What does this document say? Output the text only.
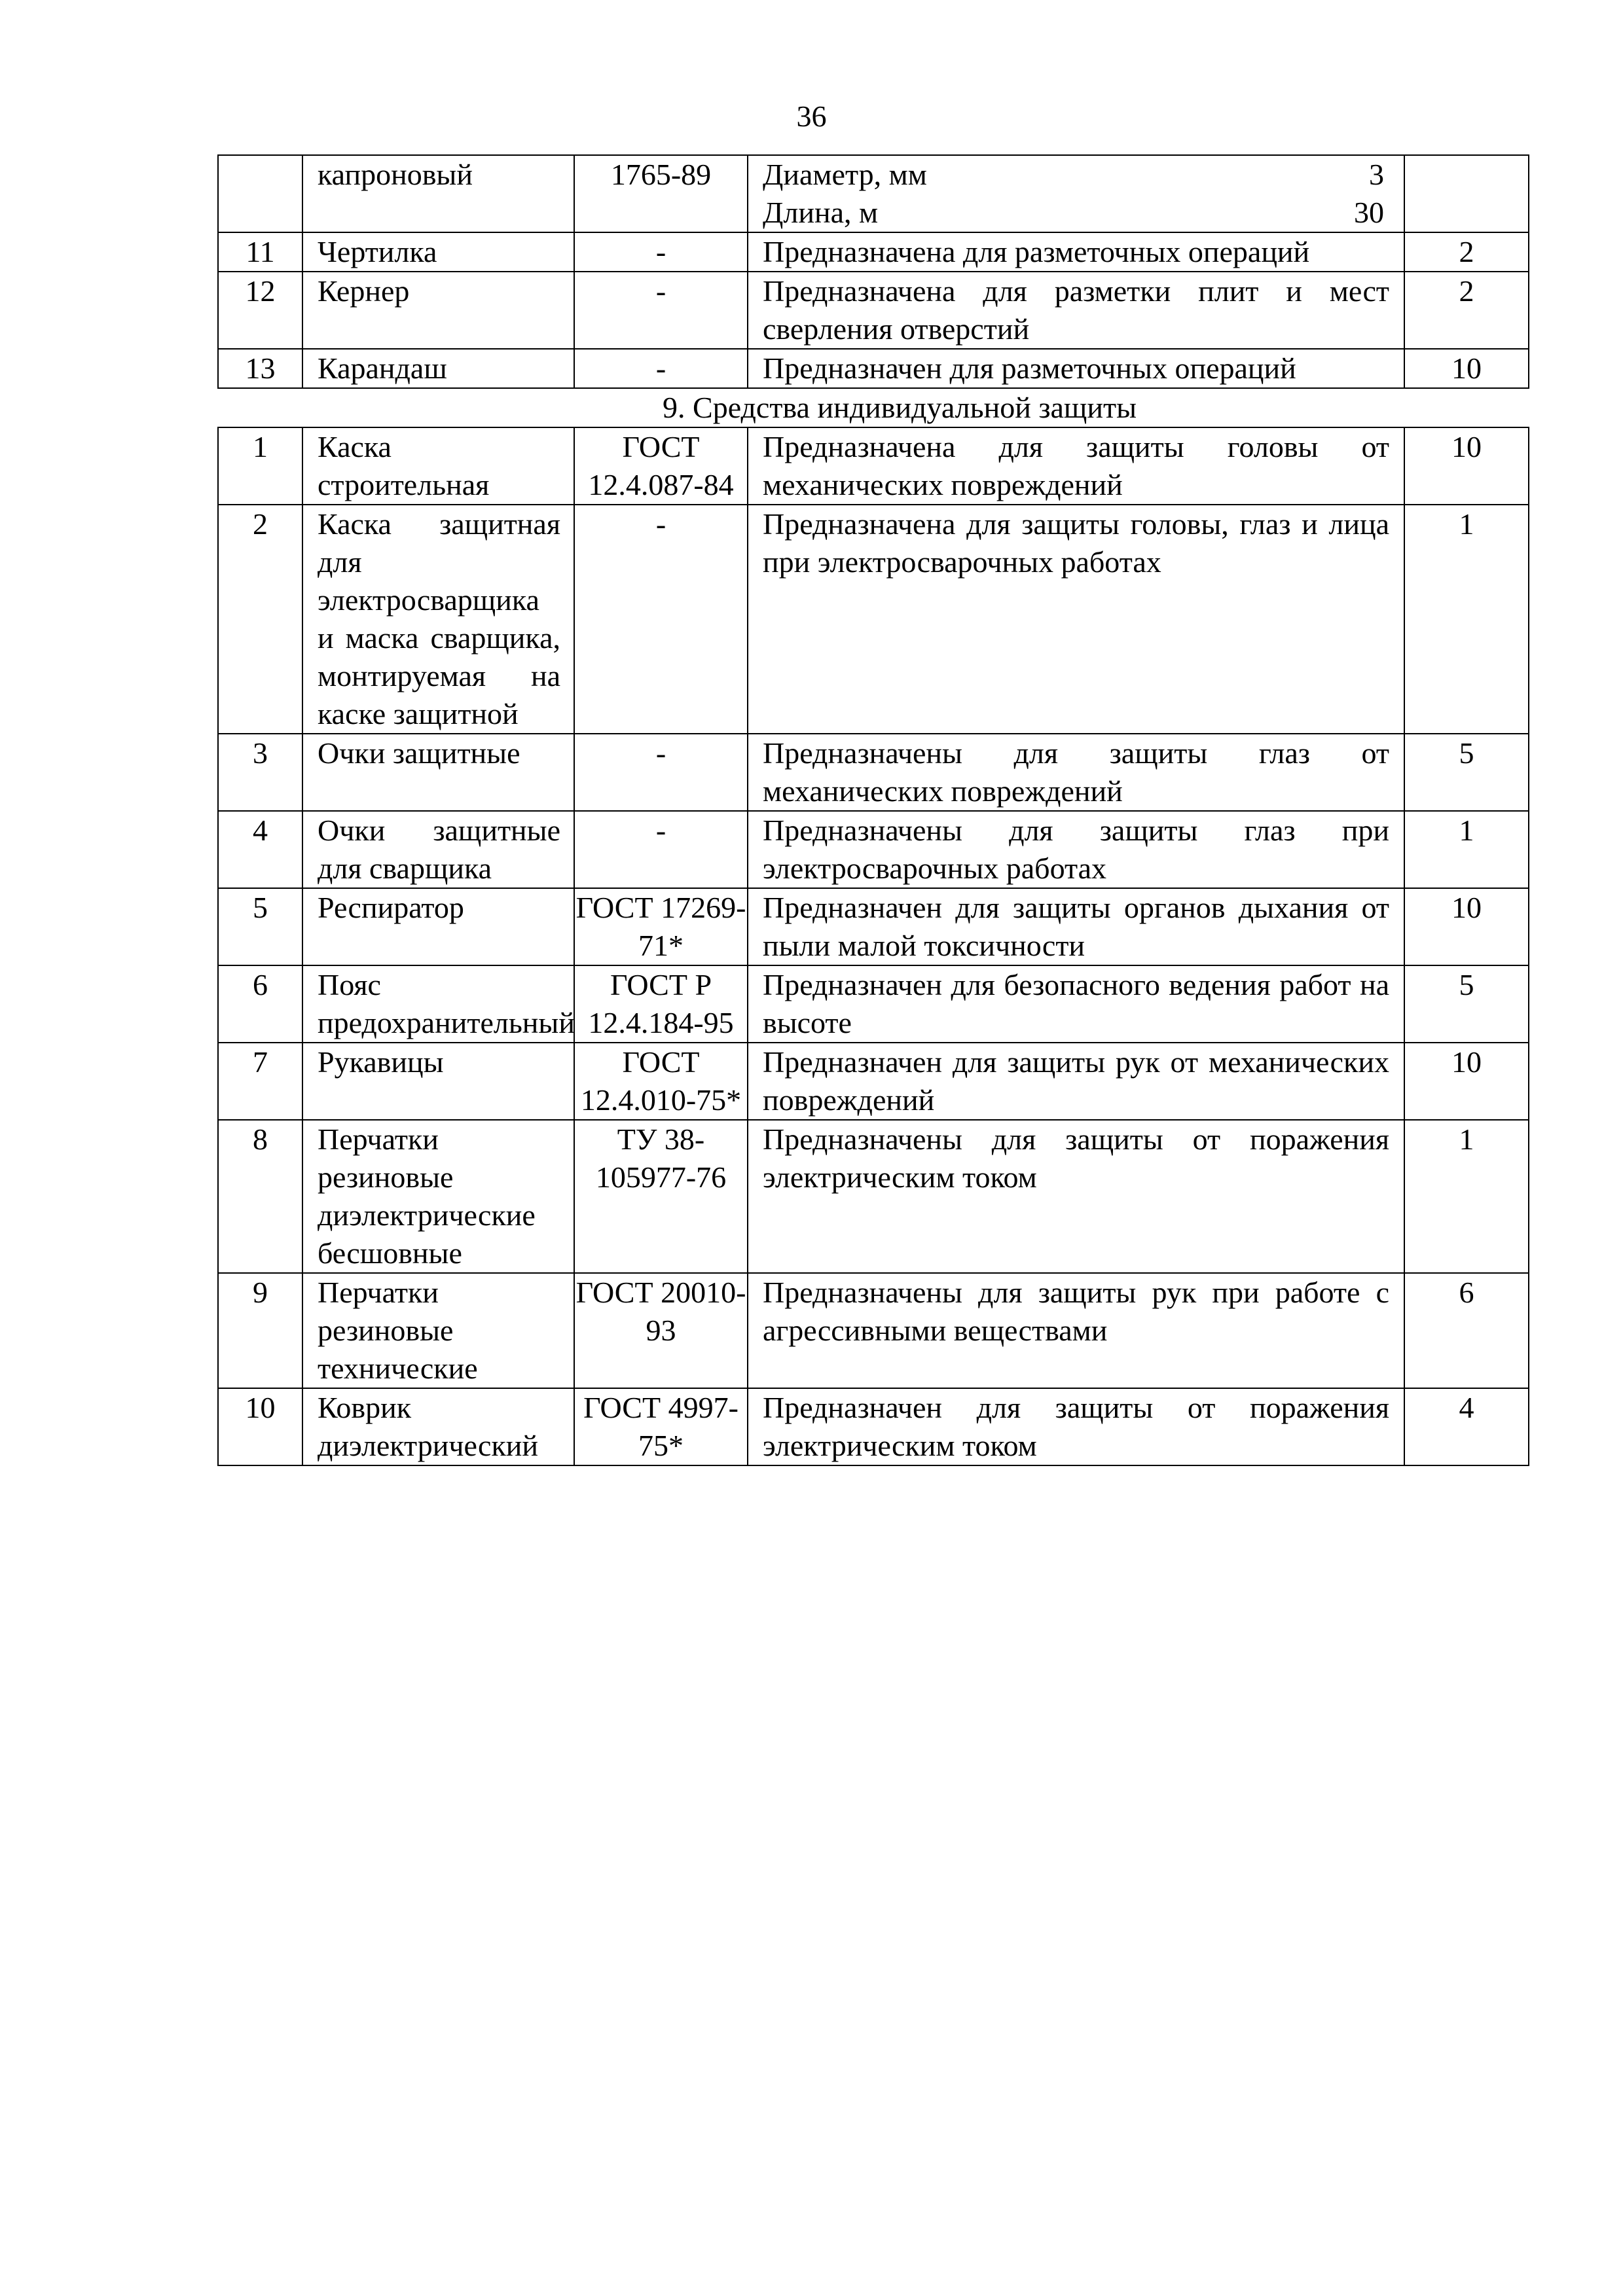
36
	капроновый	1765-89	Диаметр, мм 3
Длина, м 30	

11	Чертилка	-	Предназначена для разметочных операций	2
12	Кернер	-	Предназначена для разметки плит и мест сверления отверстий	2
13	Карандаш	-	Предназначен для разметочных операций	10
9. Средства индивидуальной защиты				
1	Каска строительная	ГОСТ 12.4.087-84	Предназначена для защиты головы от механических повреждений	10
2	Каска защитная для электросварщика и маска сварщика, монтируемая на каске защитной	-	Предназначена для защиты головы, глаз и лица при электросварочных работах	1
3	Очки защитные	-	Предназначены для защиты глаз от механических повреждений	5
4	Очки защитные для сварщика	-	Предназначены для защиты глаз при электросварочных работах	1
5	Респиратор	ГОСТ 17269-71*	Предназначен для защиты органов дыхания от пыли малой токсичности	10
6	Пояс предохранительный	ГОСТ Р 12.4.184-95	Предназначен для безопасного ведения работ на высоте	5
7	Рукавицы	ГОСТ 12.4.010-75*	Предназначен для защиты рук от механических повреждений	10
8	Перчатки резиновые диэлектрические бесшовные	ТУ 38-105977-76	Предназначены для защиты от поражения электрическим током	1
9	Перчатки резиновые технические	ГОСТ 20010-93	Предназначены для защиты рук при работе с агрессивными веществами	6
10	Коврик диэлектрический	ГОСТ 4997-75*	Предназначен для защиты от поражения электрическим током	4
